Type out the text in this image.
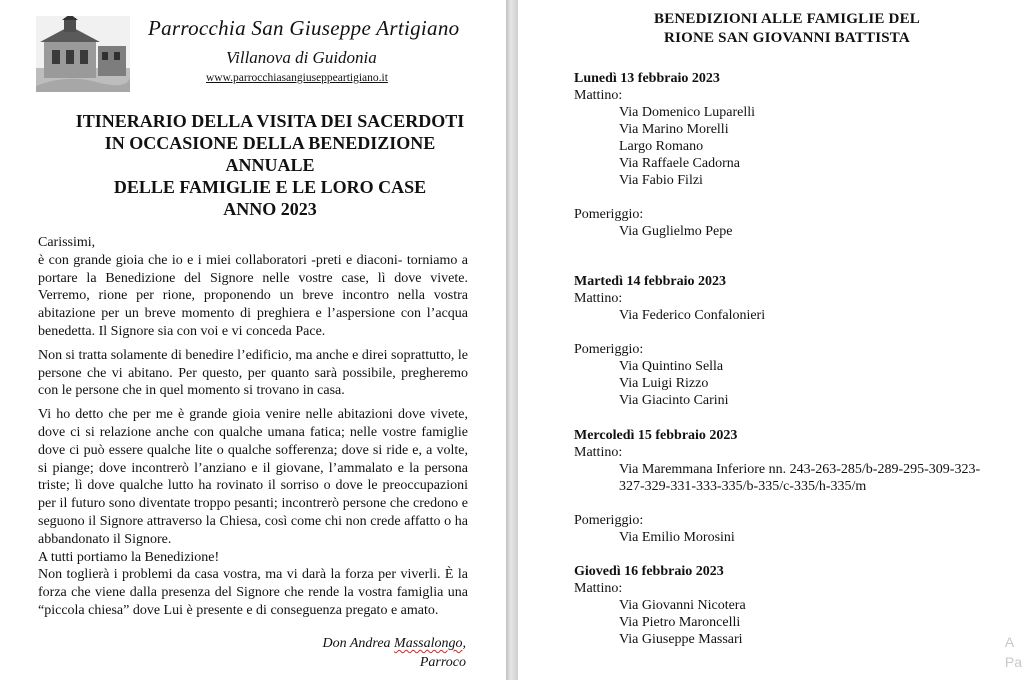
Parrocchia San Giuseppe Artigiano
Villanova di Guidonia
www.parrocchiasangiuseppeartigiano.it
ITINERARIO DELLA VISITA DEI SACERDOTI
IN OCCASIONE DELLA BENEDIZIONE
ANNUALE
DELLE FAMIGLIE E LE LORO CASE
ANNO 2023

Carissimi,

è con grande gioia che io e i miei collaboratori -preti e diaconi- torniamo a portare la Benedizione del Signore nelle vostre case, lì dove vivete. Verremo, rione per rione, proponendo un breve incontro nella vostra abitazione per un breve momento di preghiera e l’aspersione con l’acqua benedetta. Il Signore sia con voi e vi conceda Pace.

Non si tratta solamente di benedire l’edificio, ma anche e direi soprattutto, le persone che vi abitano. Per questo, per quanto sarà possibile, pregheremo con le persone che in quel momento si trovano in casa.

Vi ho detto che per me è grande gioia venire nelle abitazioni dove vivete, dove ci si relazione anche con qualche umana fatica; nelle vostre famiglie dove ci può essere qualche lite o qualche sofferenza; dove si ride e, a volte, si piange; dove incontrerò l’anziano e il giovane, l’ammalato e la persona triste; lì dove qualche lutto ha rovinato il sorriso o dove le preoccupazioni per il futuro sono diventate troppo pesanti; incontrerò persone che credono e seguono il Signore attraverso la Chiesa, così come chi non crede affatto o ha abbandonato il Signore.

A tutti portiamo la Benedizione!

Non toglierà i problemi da casa vostra, ma vi darà la forza per viverli. È la forza che viene dalla presenza del Signore che rende la vostra famiglia una “piccola chiesa” dove Lui è presente e di conseguenza pregato e amato.

Don Andrea Massalongo,
Parroco
BENEDIZIONI ALLE FAMIGLIE DEL
RIONE SAN GIOVANNI BATTISTA
Lunedì 13 febbraio 2023
Mattino:
Via Domenico Luparelli
Via Marino Morelli
Largo Romano
Via Raffaele Cadorna
Via Fabio Filzi
Pomeriggio:
Via Guglielmo Pepe
Martedì 14 febbraio 2023
Mattino:
Via Federico Confalonieri
Pomeriggio:
Via Quintino Sella
Via Luigi Rizzo
Via Giacinto Carini
Mercoledì 15 febbraio 2023
Mattino:
Via Maremmana Inferiore nn. 243-263-285/b-289-295-309-323-327-329-331-333-335/b-335/c-335/h-335/m
Pomeriggio:
Via Emilio Morosini
Giovedì 16 febbraio 2023
Mattino:
Via Giovanni Nicotera
Via Pietro Maroncelli
Via Giuseppe Massari	A
Pa
